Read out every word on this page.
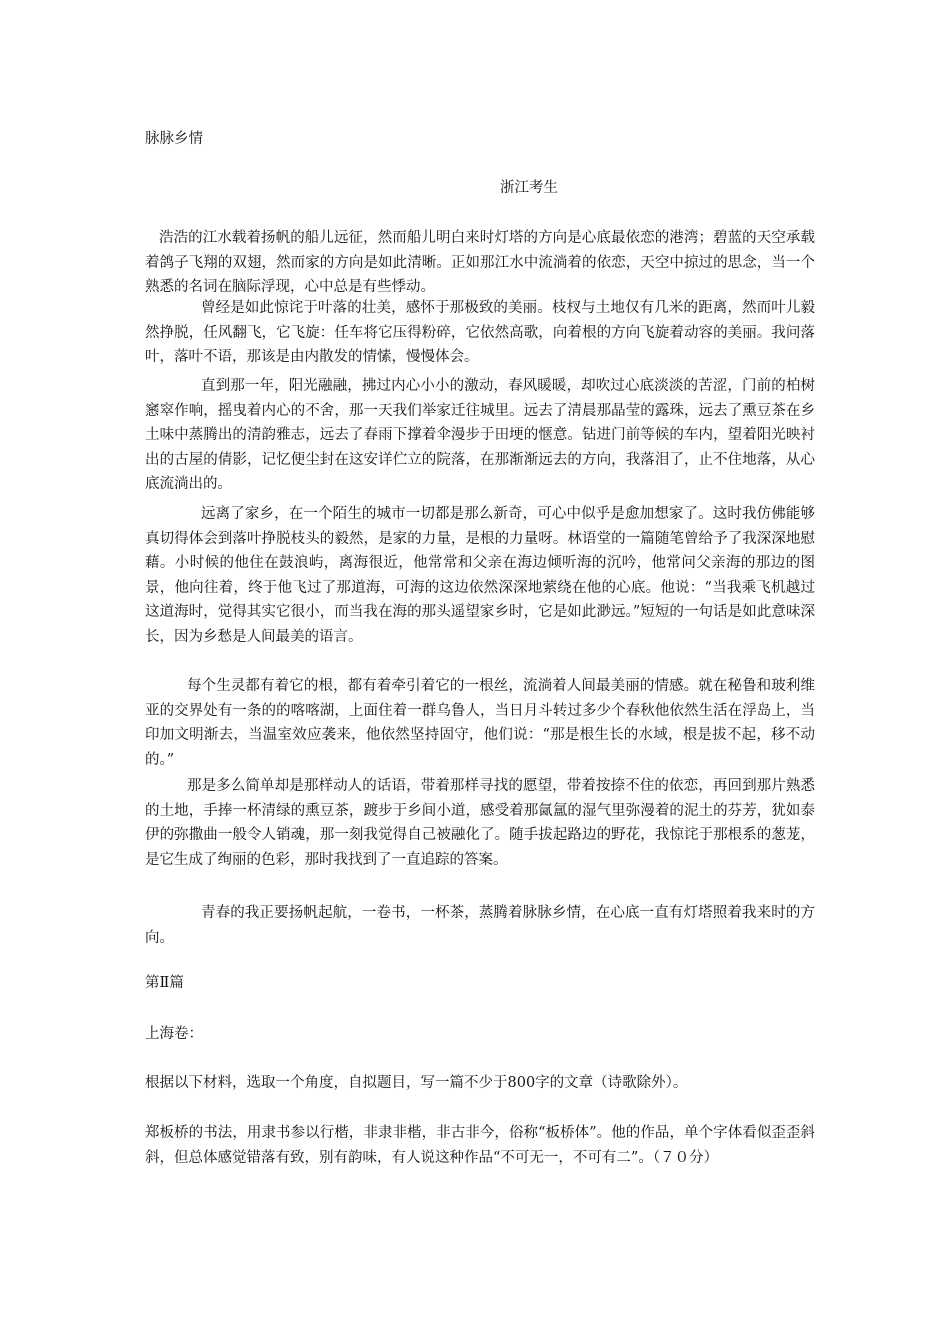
脉脉乡情

浙江考生

浩浩的江水载着扬帆的船儿远征，然而船儿明白来时灯塔的方向是心底最依恋的港湾；碧蓝的天空承载着鸽子飞翔的双翅，然而家的方向是如此清晰。正如那江水中流淌着的依恋，天空中掠过的思念，当一个熟悉的名词在脑际浮现，心中总是有些悸动。

曾经是如此惊诧于叶落的壮美，感怀于那极致的美丽。枝杈与土地仅有几米的距离，然而叶儿毅然挣脱，任风翻飞，它飞旋：任车将它压得粉碎，它依然高歌，向着根的方向飞旋着动容的美丽。我问落叶，落叶不语，那该是由内散发的情愫，慢慢体会。

直到那一年，阳光融融，拂过内心小小的激动，春风暖暖，却吹过心底淡淡的苦涩，门前的柏树窸窣作响，摇曳着内心的不舍，那一天我们举家迁往城里。远去了清晨那晶莹的露珠，远去了熏豆茶在乡土味中蒸腾出的清韵雅志，远去了春雨下撑着伞漫步于田埂的惬意。钻进门前等候的车内，望着阳光映衬出的古屋的倩影，记忆便尘封在这安详伫立的院落，在那渐渐远去的方向，我落泪了，止不住地落，从心底流淌出的。

远离了家乡，在一个陌生的城市一切都是那么新奇，可心中似乎是愈加想家了。这时我仿佛能够真切得体会到落叶挣脱枝头的毅然，是家的力量，是根的力量呀。林语堂的一篇随笔曾给予了我深深地慰藉。小时候的他住在鼓浪屿，离海很近，他常常和父亲在海边倾听海的沉吟，他常问父亲海的那边的图景，他向往着，终于他飞过了那道海，可海的这边依然深深地萦绕在他的心底。他说：“当我乘飞机越过这道海时，觉得其实它很小，而当我在海的那头遥望家乡时，它是如此渺远。”短短的一句话是如此意味深长，因为乡愁是人间最美的语言。

每个生灵都有着它的根，都有着牵引着它的一根丝，流淌着人间最美丽的情感。就在秘鲁和玻利维亚的交界处有一条的的喀喀湖，上面住着一群乌鲁人，当日月斗转过多少个春秋他依然生活在浮岛上，当印加文明渐去，当温室效应袭来，他依然坚持固守，他们说：“那是根生长的水域，根是拔不起，移不动的。”

那是多么简单却是那样动人的话语，带着那样寻找的愿望，带着按捺不住的依恋，再回到那片熟悉的土地，手捧一杯清绿的熏豆茶，踱步于乡间小道，感受着那氤氲的湿气里弥漫着的泥土的芬芳，犹如泰伊的弥撒曲一般令人销魂，那一刻我觉得自己被融化了。随手拔起路边的野花，我惊诧于那根系的葱茏，是它生成了绚丽的色彩，那时我找到了一直追踪的答案。

青春的我正要扬帆起航，一卷书，一杯茶，蒸腾着脉脉乡情，在心底一直有灯塔照着我来时的方向。

第Ⅱ篇

上海卷：

根据以下材料，选取一个角度，自拟题目，写一篇不少于800字的文章（诗歌除外）。

郑板桥的书法，用隶书参以行楷，非隶非楷，非古非今，俗称“板桥体”。他的作品，单个字体看似歪歪斜斜，但总体感觉错落有致，别有韵味，有人说这种作品“不可无一，不可有二”。（７０分）
